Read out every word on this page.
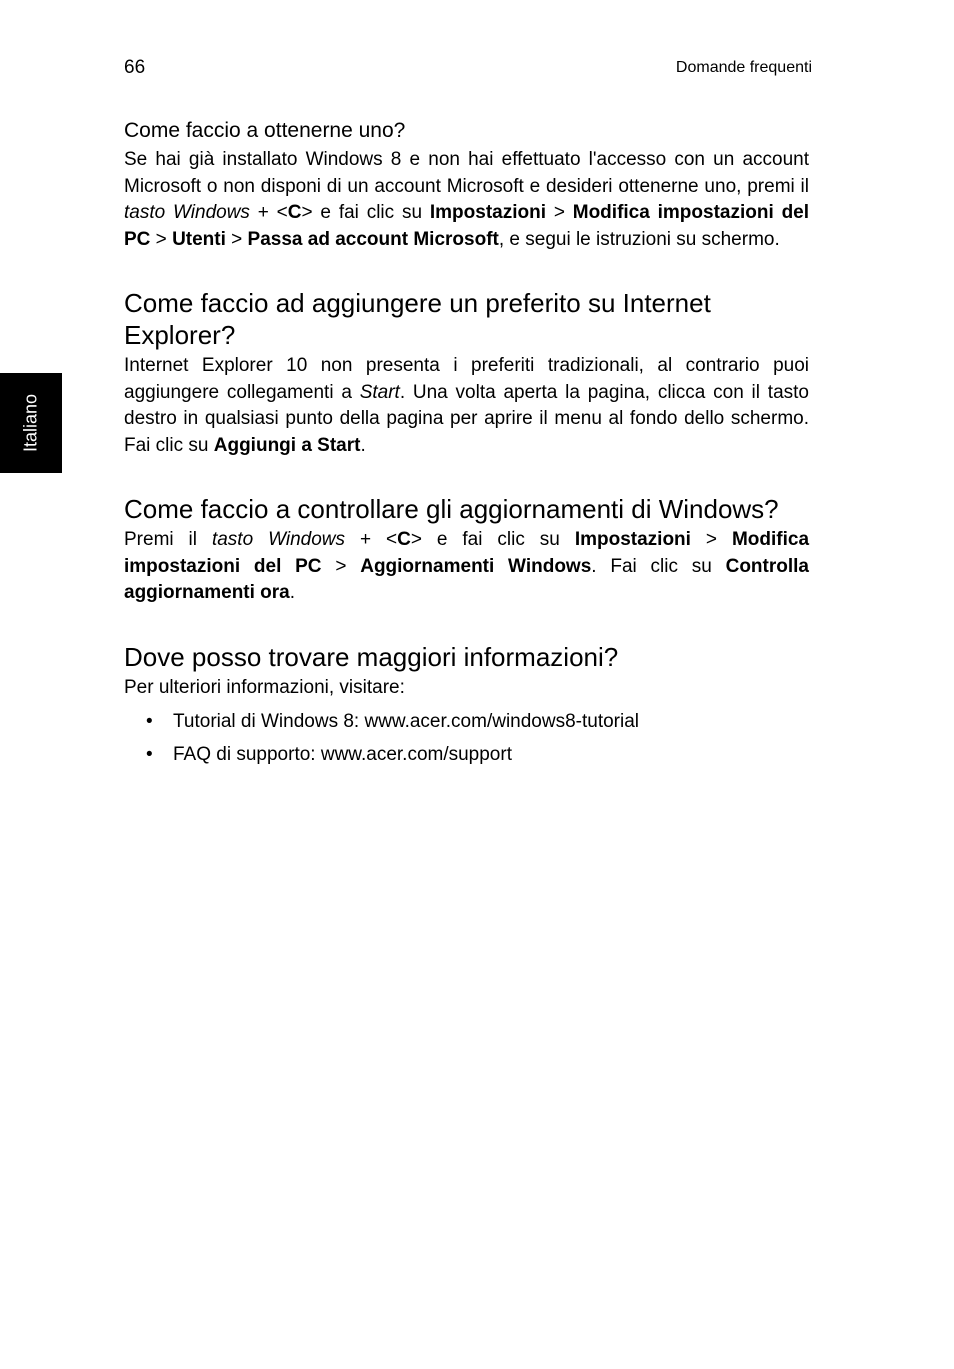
66	Domande frequenti
Italiano
Come faccio a ottenerne uno?

Se hai già installato Windows 8 e non hai effettuato l'accesso con un account Microsoft o non disponi di un account Microsoft e desideri ottenerne uno, premi il tasto Windows + <C> e fai clic su Impostazioni > Modifica impostazioni del PC > Utenti > Passa ad account Microsoft, e segui le istruzioni su schermo.

Come faccio ad aggiungere un preferito su Internet Explorer?

Internet Explorer 10 non presenta i preferiti tradizionali, al contrario puoi aggiungere collegamenti a Start. Una volta aperta la pagina, clicca con il tasto destro in qualsiasi punto della pagina per aprire il menu al fondo dello schermo. Fai clic su Aggiungi a Start.

Come faccio a controllare gli aggiornamenti di Windows?

Premi il tasto Windows + <C> e fai clic su Impostazioni > Modifica impostazioni del PC > Aggiornamenti Windows. Fai clic su Controlla aggiornamenti ora.

Dove posso trovare maggiori informazioni?

Per ulteriori informazioni, visitare:

• Tutorial di Windows 8: www.acer.com/windows8-tutorial
• FAQ di supporto: www.acer.com/support
